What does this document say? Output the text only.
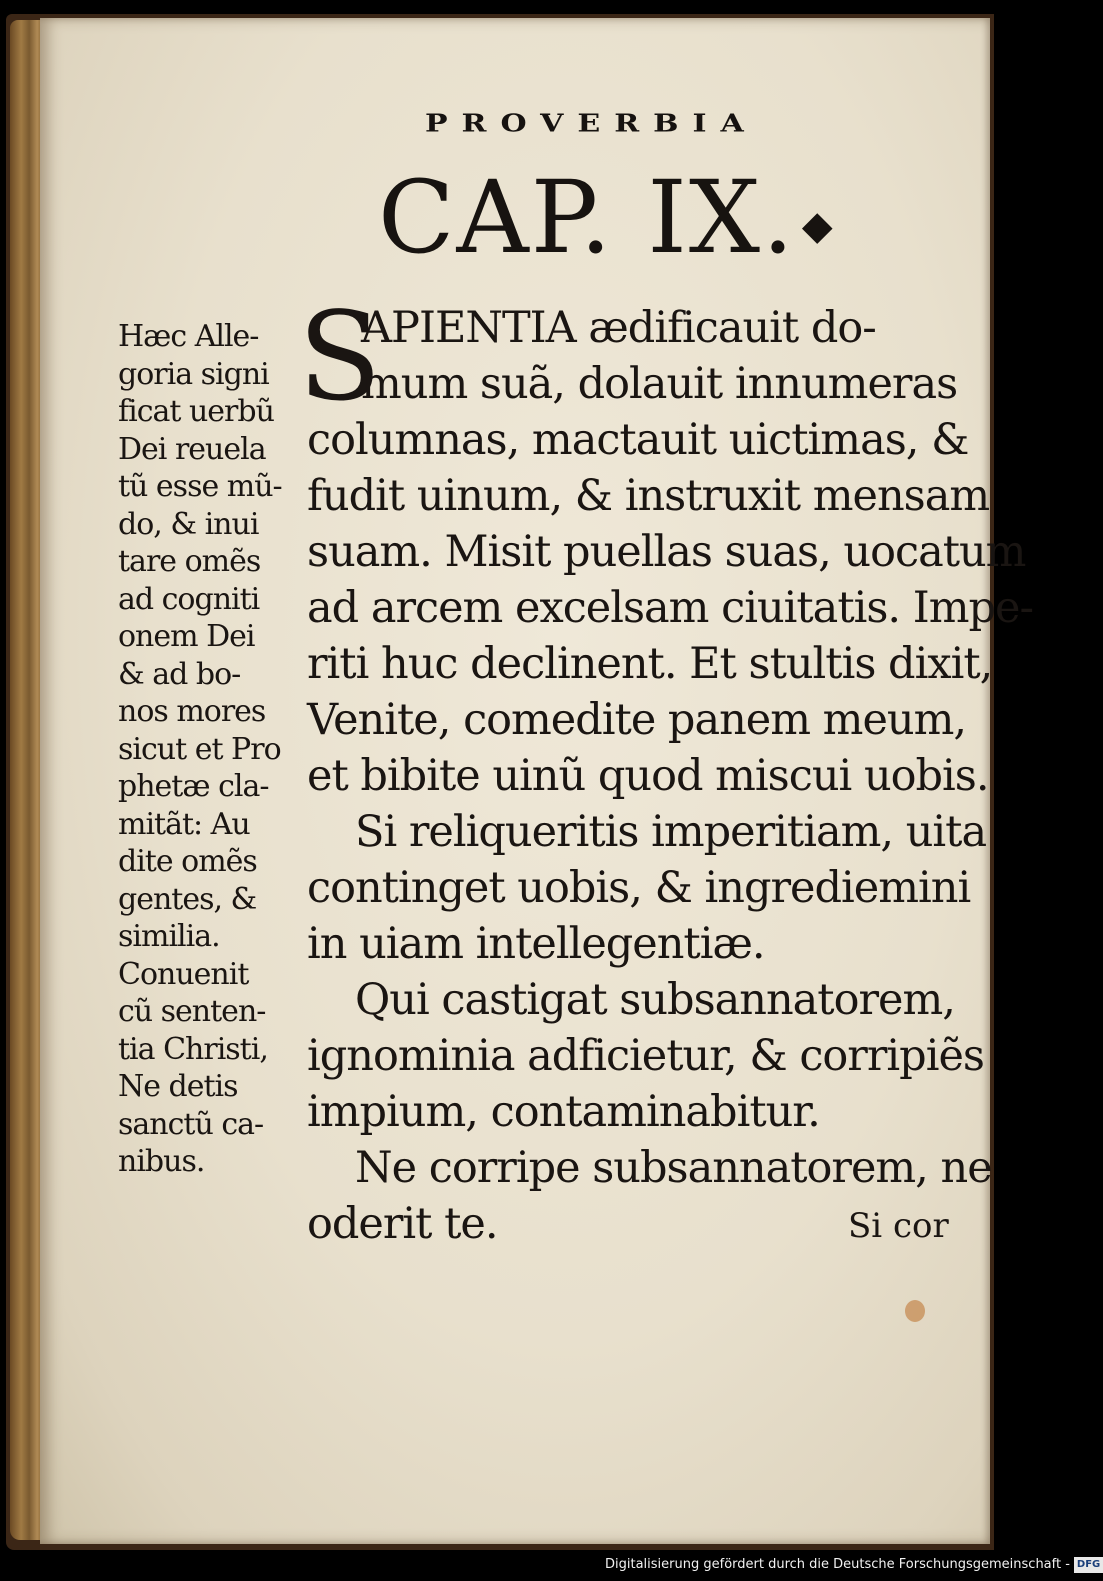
PROVERBIA
CAP. IX. ◆
S
APIENTIA ædificauit do-
mum suã, dolauit innumeras
columnas, mactauit uictimas, &
fudit uinum, & instruxit mensam
suam. Misit puellas suas, uocatum
ad arcem excelsam ciuitatis. Impe-
riti huc declinent. Et stultis dixit,
Venite, comedite panem meum,
et bibite uinũ quod miscui uobis.
Si reliqueritis imperitiam, uita
continget uobis, & ingrediemini
in uiam intellegentiæ.
Qui castigat subsannatorem,
ignominia adficietur, & corripiẽs
impium, contaminabitur.
Ne corripe subsannatorem, ne
oderit te.
Hæc Alle-
goria signi
ficat uerbũ
Dei reuela
tũ esse mũ-
do, & inui
tare omẽs
ad cogniti
onem Dei
& ad bo-
nos mores
sicut et Pro
phetæ cla-
mitãt: Au
dite omẽs
gentes, &
similia.
Conuenit
cũ senten-
tia Christi,
Ne detis
sanctũ ca-
nibus.
Si cor
Digitalisierung gefördert durch die Deutsche Forschungsgemeinschaft - DFG
